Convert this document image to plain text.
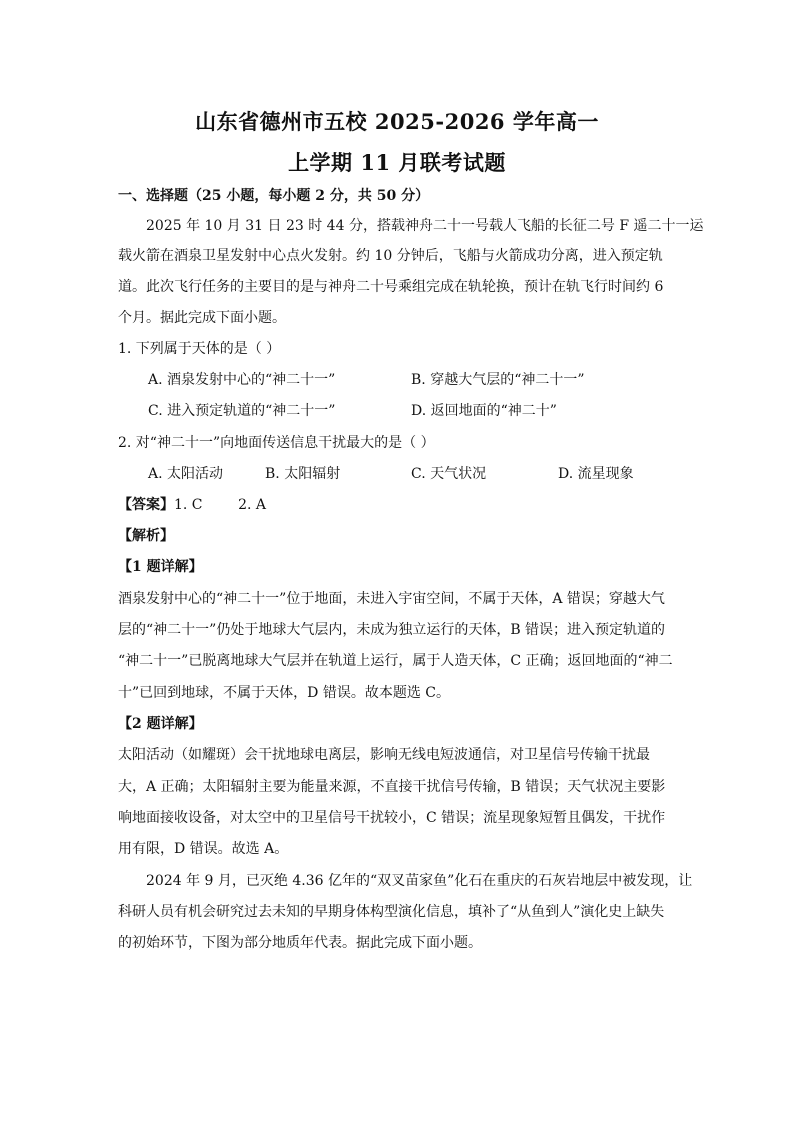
山东省德州市五校 2025-2026 学年高一
上学期 11 月联考试题
一、选择题（25 小题，每小题 2 分，共 50 分）
2025 年 10 月 31 日 23 时 44 分，搭载神舟二十一号载人飞船的长征二号 F 遥二十一运
载火箭在酒泉卫星发射中心点火发射。约 10 分钟后，飞船与火箭成功分离，进入预定轨
道。此次飞行任务的主要目的是与神舟二十号乘组完成在轨轮换，预计在轨飞行时间约 6
个月。据此完成下面小题。
1. 下列属于天体的是（ ）
A. 酒泉发射中心的“神二十一”	B. 穿越大气层的“神二十一”
C. 进入预定轨道的“神二十一”	D. 返回地面的“神二十”
2. 对“神二十一”向地面传送信息干扰最大的是（ ）
A. 太阳活动	B. 太阳辐射	C. 天气状况	D. 流星现象
【答案】1. C        2. A
【解析】
【1 题详解】
酒泉发射中心的“神二十一”位于地面，未进入宇宙空间，不属于天体，A 错误；穿越大气
层的“神二十一”仍处于地球大气层内，未成为独立运行的天体，B 错误；进入预定轨道的
“神二十一”已脱离地球大气层并在轨道上运行，属于人造天体，C 正确；返回地面的“神二
十”已回到地球，不属于天体，D 错误。故本题选 C。
【2 题详解】
太阳活动（如耀斑）会干扰地球电离层，影响无线电短波通信，对卫星信号传输干扰最
大，A 正确；太阳辐射主要为能量来源，不直接干扰信号传输，B 错误；天气状况主要影
响地面接收设备，对太空中的卫星信号干扰较小，C 错误；流星现象短暂且偶发，干扰作
用有限，D 错误。故选 A。
2024 年 9 月，已灭绝 4.36 亿年的“双叉苗家鱼”化石在重庆的石灰岩地层中被发现，让
科研人员有机会研究过去未知的早期身体构型演化信息，填补了“从鱼到人”演化史上缺失
的初始环节，下图为部分地质年代表。据此完成下面小题。
